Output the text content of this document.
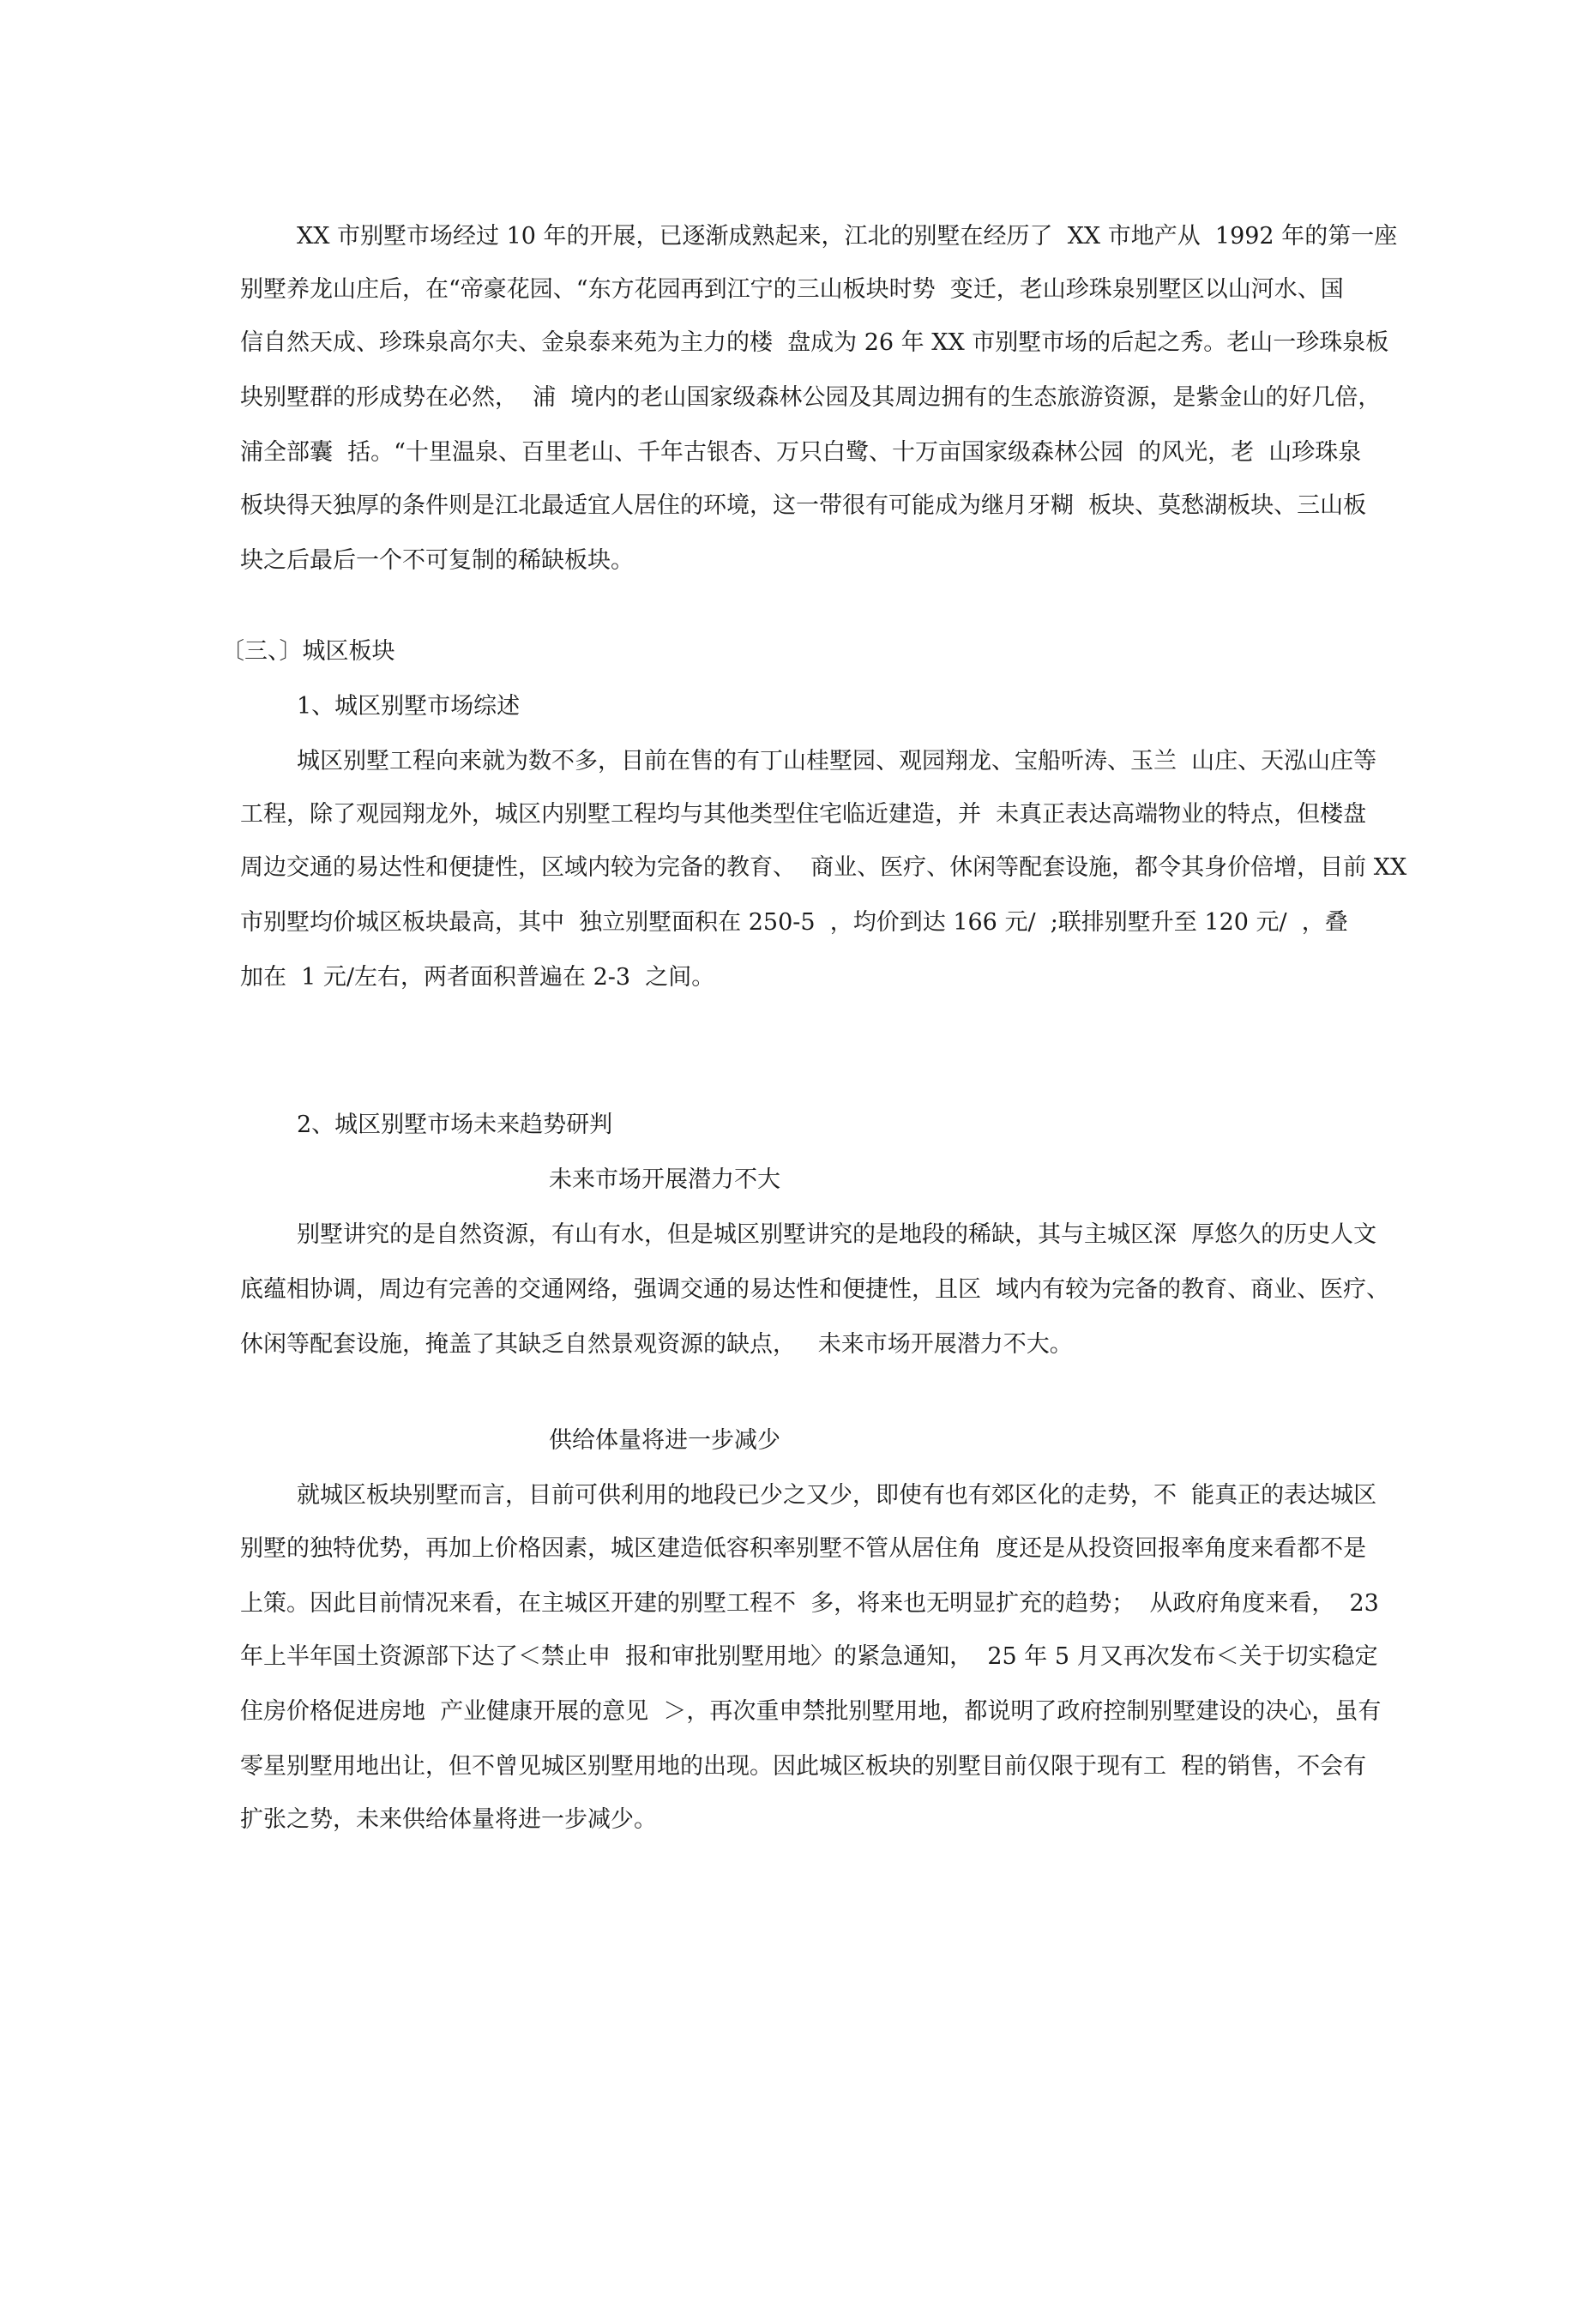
XX 市别墅市场经过 10 年的开展，已逐渐成熟起来，江北的别墅在经历了  XX 市地产从  1992 年的第一座
别墅养龙山庄后，在“帝豪花园、“东方花园再到江宁的三山板块时势  变迁，老山珍珠泉别墅区以山河水、国
信自然天成、珍珠泉高尔夫、金泉泰来苑为主力的楼  盘成为 26 年 XX 市别墅市场的后起之秀。老山一珍珠泉板
块别墅群的形成势在必然，  浦  境内的老山国家级森林公园及其周边拥有的生态旅游资源，是紫金山的好几倍，
浦全部囊  括。“十里温泉、百里老山、千年古银杏、万只白鹭、十万亩国家级森林公园  的风光，老  山珍珠泉
板块得天独厚的条件则是江北最适宜人居住的环境，这一带很有可能成为继月牙糊  板块、莫愁湖板块、三山板
块之后最后一个不可复制的稀缺板块。
〔三、〕城区板块
1、城区别墅市场综述
城区别墅工程向来就为数不多，目前在售的有丁山桂墅园、观园翔龙、宝船听涛、玉兰  山庄、天泓山庄等
工程，除了观园翔龙外，城区内别墅工程均与其他类型住宅临近建造，并  未真正表达高端物业的特点，但楼盘
周边交通的易达性和便捷性，区域内较为完备的教育、  商业、医疗、休闲等配套设施，都令其身价倍增，目前 XX
市别墅均价城区板块最高，其中  独立别墅面积在 250-5  ，均价到达 166 元/  ;联排别墅升至 120 元/  ，叠
加在  1 元/左右，两者面积普遍在 2-3  之间。
2、城区别墅市场未来趋势研判
未来市场开展潜力不大
别墅讲究的是自然资源，有山有水，但是城区别墅讲究的是地段的稀缺，其与主城区深  厚悠久的历史人文
底蕴相协调，周边有完善的交通网络，强调交通的易达性和便捷性，且区  域内有较为完备的教育、商业、医疗、
休闲等配套设施，掩盖了其缺乏自然景观资源的缺点，   未来市场开展潜力不大。
供给体量将进一步减少
就城区板块别墅而言，目前可供利用的地段已少之又少，即使有也有郊区化的走势，不  能真正的表达城区
别墅的独特优势，再加上价格因素，城区建造低容积率别墅不管从居住角  度还是从投资回报率角度来看都不是
上策。因此目前情况来看，在主城区开建的别墅工程不  多，将来也无明显扩充的趋势；  从政府角度来看，  23
年上半年国土资源部下达了＜禁止申  报和审批别墅用地〉的紧急通知，  25 年 5 月又再次发布＜关于切实稳定
住房价格促进房地  产业健康开展的意见  ＞，再次重申禁批别墅用地，都说明了政府控制别墅建设的决心，虽有
零星别墅用地出让，但不曾见城区别墅用地的出现。因此城区板块的别墅目前仅限于现有工  程的销售，不会有
扩张之势，未来供给体量将进一步减少。
